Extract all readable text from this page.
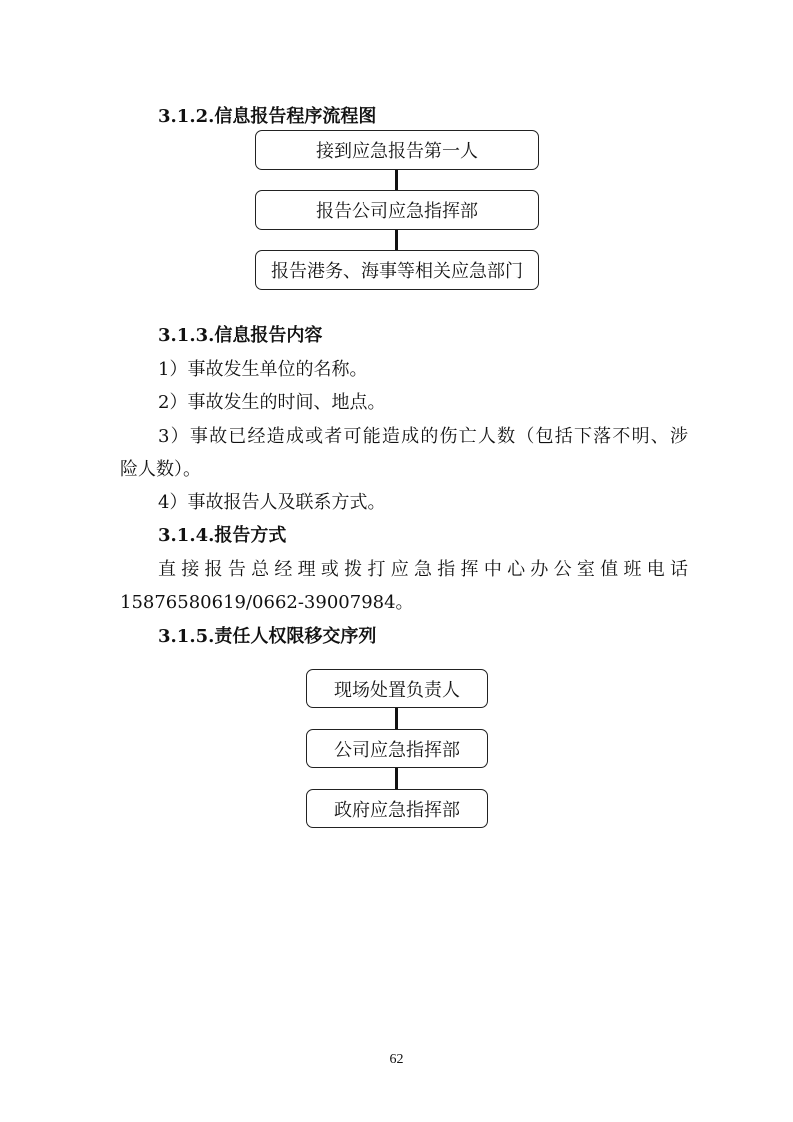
3.1.2.信息报告程序流程图
接到应急报告第一人
报告公司应急指挥部
报告港务、海事等相关应急部门
3.1.3.信息报告内容
1）事故发生单位的名称。
2）事故发生的时间、地点。
3）事故已经造成或者可能造成的伤亡人数（包括下落不明、涉
险人数）。
4）事故报告人及联系方式。
3.1.4.报告方式
直接报告总经理或拨打应急指挥中心办公室值班电话
15876580619/0662-39007984。
3.1.5.责任人权限移交序列
现场处置负责人
公司应急指挥部
政府应急指挥部
62
